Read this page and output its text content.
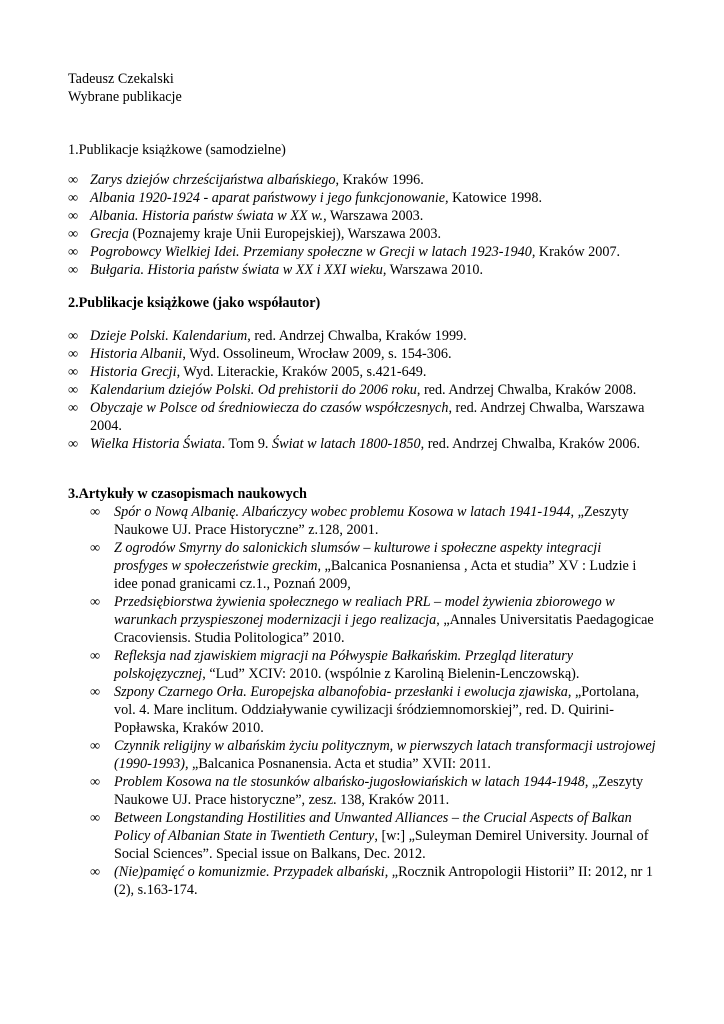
Tadeusz Czekalski
Wybrane publikacje
1.Publikacje książkowe (samodzielne)
∞ Zarys dziejów chrześcijaństwa albańskiego, Kraków 1996.
∞ Albania 1920-1924 - aparat państwowy i jego funkcjonowanie, Katowice 1998.
∞ Albania. Historia państw świata w XX w., Warszawa 2003.
∞ Grecja (Poznajemy kraje Unii Europejskiej), Warszawa 2003.
∞ Pogrobowcy Wielkiej Idei. Przemiany społeczne w Grecji w latach 1923-1940, Kraków 2007.
∞ Bułgaria. Historia państw świata w XX i XXI wieku, Warszawa 2010.
2.Publikacje książkowe (jako współautor)
∞ Dzieje Polski. Kalendarium, red. Andrzej Chwalba, Kraków 1999.
∞ Historia Albanii, Wyd. Ossolineum, Wrocław 2009, s. 154-306.
∞ Historia Grecji, Wyd. Literackie, Kraków 2005, s.421-649.
∞ Kalendarium dziejów Polski. Od prehistorii do 2006 roku, red. Andrzej Chwalba, Kraków 2008.
∞ Obyczaje w Polsce od średniowiecza do czasów współczesnych, red. Andrzej Chwalba, Warszawa 2004.
∞ Wielka Historia Świata. Tom 9. Świat w latach 1800-1850, red. Andrzej Chwalba, Kraków 2006.
3.Artykuły w czasopismach naukowych
∞ Spór o Nową Albanię. Albańczycy wobec problemu Kosowa w latach 1941-1944, „Zeszyty Naukowe UJ. Prace Historyczne” z.128, 2001.
∞ Z ogrodów Smyrny do salonickich slumsów – kulturowe i społeczne aspekty integracji prosfyges w społeczeństwie greckim, „Balcanica Posnaniensa , Acta et studia” XV : Ludzie i idee ponad granicami cz.1., Poznań 2009,
∞ Przedsiębiorstwa żywienia społecznego w realiach PRL – model żywienia zbiorowego w warunkach przyspieszonej modernizacji i jego realizacja, „Annales Universitatis Paedagogicae Cracoviensis. Studia Politologica” 2010.
∞ Refleksja nad zjawiskiem migracji na Półwyspie Bałkańskim. Przegląd literatury polskojęzycznej, “Lud” XCIV: 2010. (wspólnie z Karoliną Bielenin-Lenczowską).
∞ Szpony Czarnego Orła. Europejska albanofobia- przesłanki i ewolucja zjawiska, „Portolana, vol. 4. Mare inclitum. Oddziaływanie cywilizacji śródziemnomorskiej”, red. D. Quirini-Popławska, Kraków 2010.
∞ Czynnik religijny w albańskim życiu politycznym, w pierwszych latach transformacji ustrojowej (1990-1993), „Balcanica Posnanensia. Acta et studia” XVII: 2011.
∞ Problem Kosowa na tle stosunków albańsko-jugosłowiańskich w latach 1944-1948, „Zeszyty Naukowe UJ. Prace historyczne”, zesz. 138, Kraków 2011.
∞ Between Longstanding Hostilities and Unwanted Alliances – the Crucial Aspects of Balkan Policy of Albanian State in Twentieth Century, [w:] „Suleyman Demirel University. Journal of Social Sciences”. Special issue on Balkans, Dec. 2012.
∞ (Nie)pamięć o komunizmie. Przypadek albański, „Rocznik Antropologii Historii” II: 2012, nr 1 (2), s.163-174.
